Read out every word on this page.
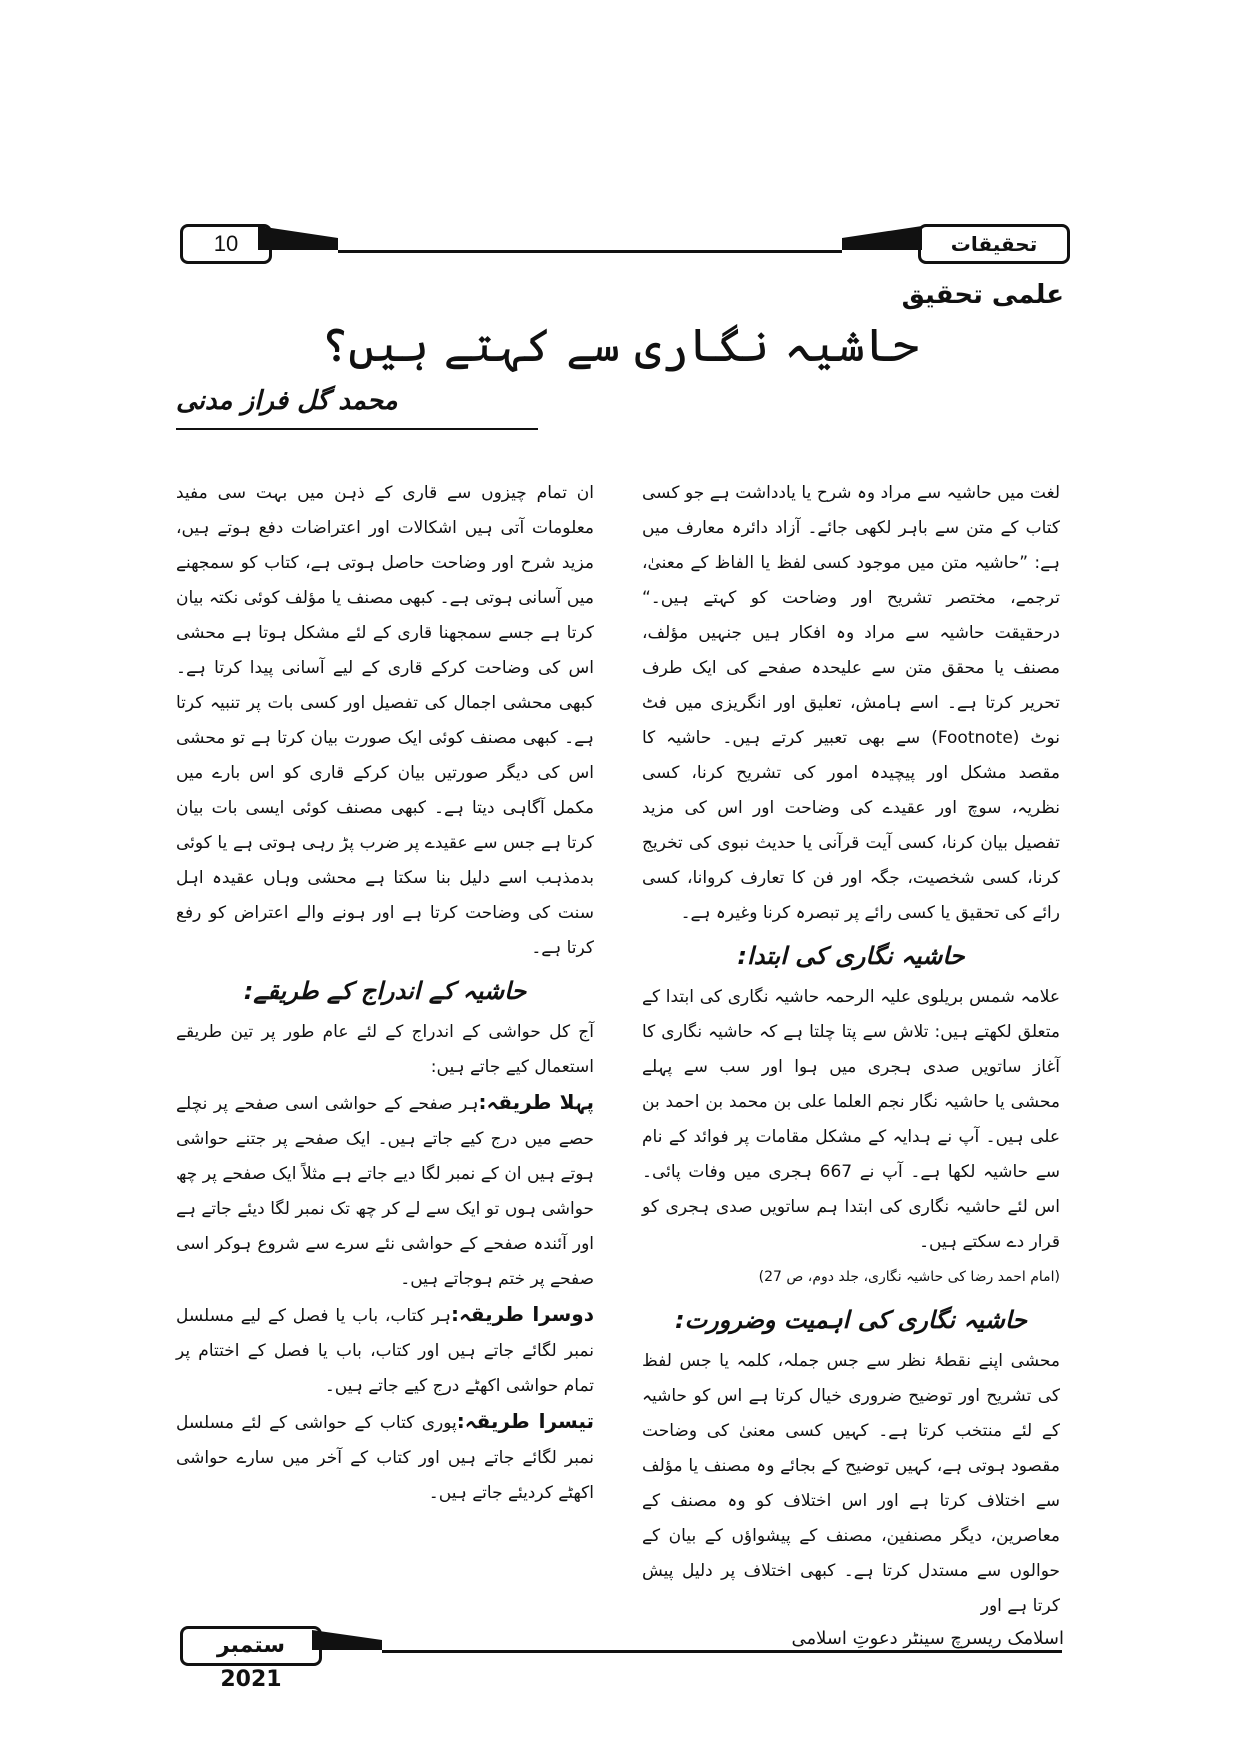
10	تحقیقات
علمی تحقیق
حاشیہ نگاری سے کہتے ہیں؟
محمد گل فراز مدنی

لغت میں حاشیہ سے مراد وہ شرح یا یادداشت ہے جو کسی کتاب کے متن سے باہر لکھی جائے۔ آزاد دائرہ معارف میں ہے: ”حاشیہ متن میں موجود کسی لفظ یا الفاظ کے معنیٰ، ترجمے، مختصر تشریح اور وضاحت کو کہتے ہیں۔“ درحقیقت حاشیہ سے مراد وہ افکار ہیں جنہیں مؤلف، مصنف یا محقق متن سے علیحدہ صفحے کی ایک طرف تحریر کرتا ہے۔ اسے ہامش، تعلیق اور انگریزی میں فٹ نوٹ (Footnote) سے بھی تعبیر کرتے ہیں۔ حاشیہ کا مقصد مشکل اور پیچیدہ امور کی تشریح کرنا، کسی نظریہ، سوچ اور عقیدے کی وضاحت اور اس کی مزید تفصیل بیان کرنا، کسی آیت قرآنی یا حدیث نبوی کی تخریج کرنا، کسی شخصیت، جگہ اور فن کا تعارف کروانا، کسی رائے کی تحقیق یا کسی رائے پر تبصرہ کرنا وغیرہ ہے۔

حاشیہ نگاری کی ابتدا:

علامہ شمس بریلوی علیہ الرحمہ حاشیہ نگاری کی ابتدا کے متعلق لکھتے ہیں: تلاش سے پتا چلتا ہے کہ حاشیہ نگاری کا آغاز ساتویں صدی ہجری میں ہوا اور سب سے پہلے محشی یا حاشیہ نگار نجم العلما علی بن محمد بن احمد بن علی ہیں۔ آپ نے ہدایہ کے مشکل مقامات پر فوائد کے نام سے حاشیہ لکھا ہے۔ آپ نے 667 ہجری میں وفات پائی۔ اس لئے حاشیہ نگاری کی ابتدا ہم ساتویں صدی ہجری کو قرار دے سکتے ہیں۔

(امام احمد رضا کی حاشیہ نگاری، جلد دوم، ص 27)

حاشیہ نگاری کی اہمیت وضرورت:

محشی اپنے نقطۂ نظر سے جس جملہ، کلمہ یا جس لفظ کی تشریح اور توضیح ضروری خیال کرتا ہے اس کو حاشیہ کے لئے منتخب کرتا ہے۔ کہیں کسی معنیٰ کی وضاحت مقصود ہوتی ہے، کہیں توضیح کے بجائے وہ مصنف یا مؤلف سے اختلاف کرتا ہے اور اس اختلاف کو وہ مصنف کے معاصرین، دیگر مصنفین، مصنف کے پیشواؤں کے بیان کے حوالوں سے مستدل کرتا ہے۔ کبھی اختلاف پر دلیل پیش کرتا ہے اور

ان تمام چیزوں سے قاری کے ذہن میں بہت سی مفید معلومات آتی ہیں اشکالات اور اعتراضات دفع ہوتے ہیں، مزید شرح اور وضاحت حاصل ہوتی ہے، کتاب کو سمجھنے میں آسانی ہوتی ہے۔ کبھی مصنف یا مؤلف کوئی نکتہ بیان کرتا ہے جسے سمجھنا قاری کے لئے مشکل ہوتا ہے محشی اس کی وضاحت کرکے قاری کے لیے آسانی پیدا کرتا ہے۔ کبھی محشی اجمال کی تفصیل اور کسی بات پر تنبیہ کرتا ہے۔ کبھی مصنف کوئی ایک صورت بیان کرتا ہے تو محشی اس کی دیگر صورتیں بیان کرکے قاری کو اس بارے میں مکمل آگاہی دیتا ہے۔ کبھی مصنف کوئی ایسی بات بیان کرتا ہے جس سے عقیدے پر ضرب پڑ رہی ہوتی ہے یا کوئی بدمذہب اسے دلیل بنا سکتا ہے محشی وہاں عقیدہ اہل سنت کی وضاحت کرتا ہے اور ہونے والے اعتراض کو رفع کرتا ہے۔

حاشیہ کے اندراج کے طریقے:

آج کل حواشی کے اندراج کے لئے عام طور پر تین طریقے استعمال کیے جاتے ہیں:

پہلا طریقہ:ہر صفحے کے حواشی اسی صفحے پر نچلے حصے میں درج کیے جاتے ہیں۔ ایک صفحے پر جتنے حواشی ہوتے ہیں ان کے نمبر لگا دیے جاتے ہے مثلاً ایک صفحے پر چھ حواشی ہوں تو ایک سے لے کر چھ تک نمبر لگا دیئے جاتے ہے اور آئندہ صفحے کے حواشی نئے سرے سے شروع ہوکر اسی صفحے پر ختم ہوجاتے ہیں۔

دوسرا طریقہ:ہر کتاب، باب یا فصل کے لیے مسلسل نمبر لگائے جاتے ہیں اور کتاب، باب یا فصل کے اختتام پر تمام حواشی اکھٹے درج کیے جاتے ہیں۔

تیسرا طریقہ:پوری کتاب کے حواشی کے لئے مسلسل نمبر لگائے جاتے ہیں اور کتاب کے آخر میں سارے حواشی اکھٹے کردیئے جاتے ہیں۔

ستمبر 2021
اسلامک ریسرچ سینٹر دعوتِ اسلامی
